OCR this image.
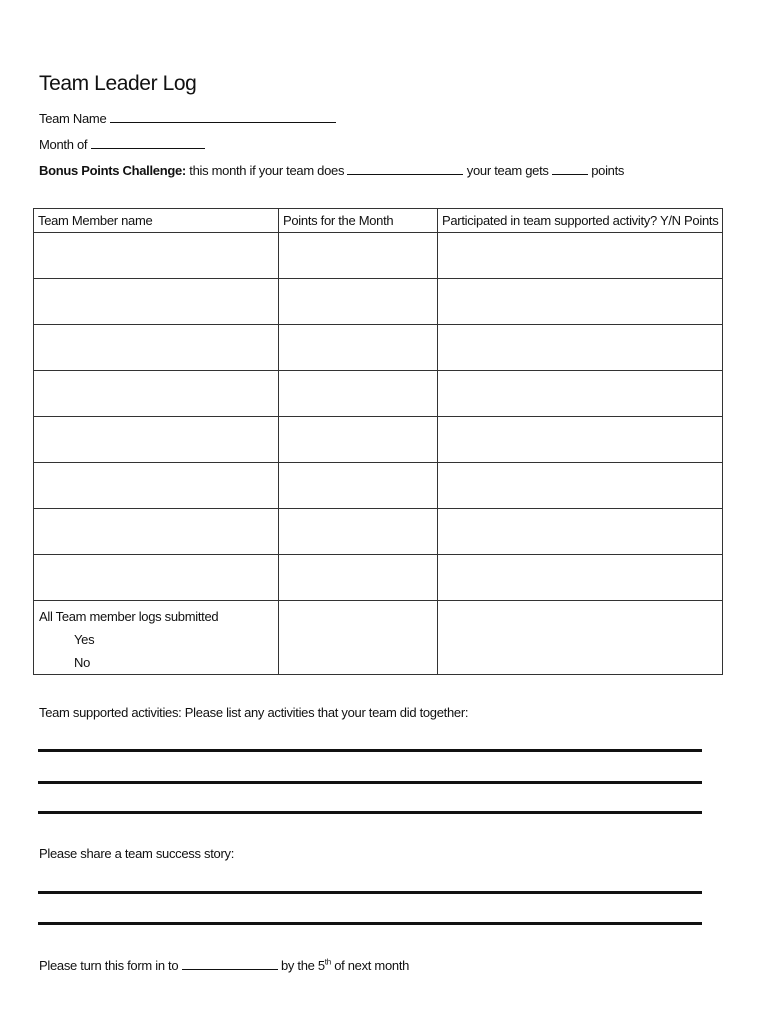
Team Leader Log
Team Name
Month of
Bonus Points Challenge: this month if your team does	your team gets	points
Team Member name	Points for the Month	Participated in team supported activity? Y/N Points

All Team member logs submitted
Yes
No		

Team supported activities: Please list any activities that your team did together:
Please share a team success story:
Please turn this form in to	by the 5th of next month
